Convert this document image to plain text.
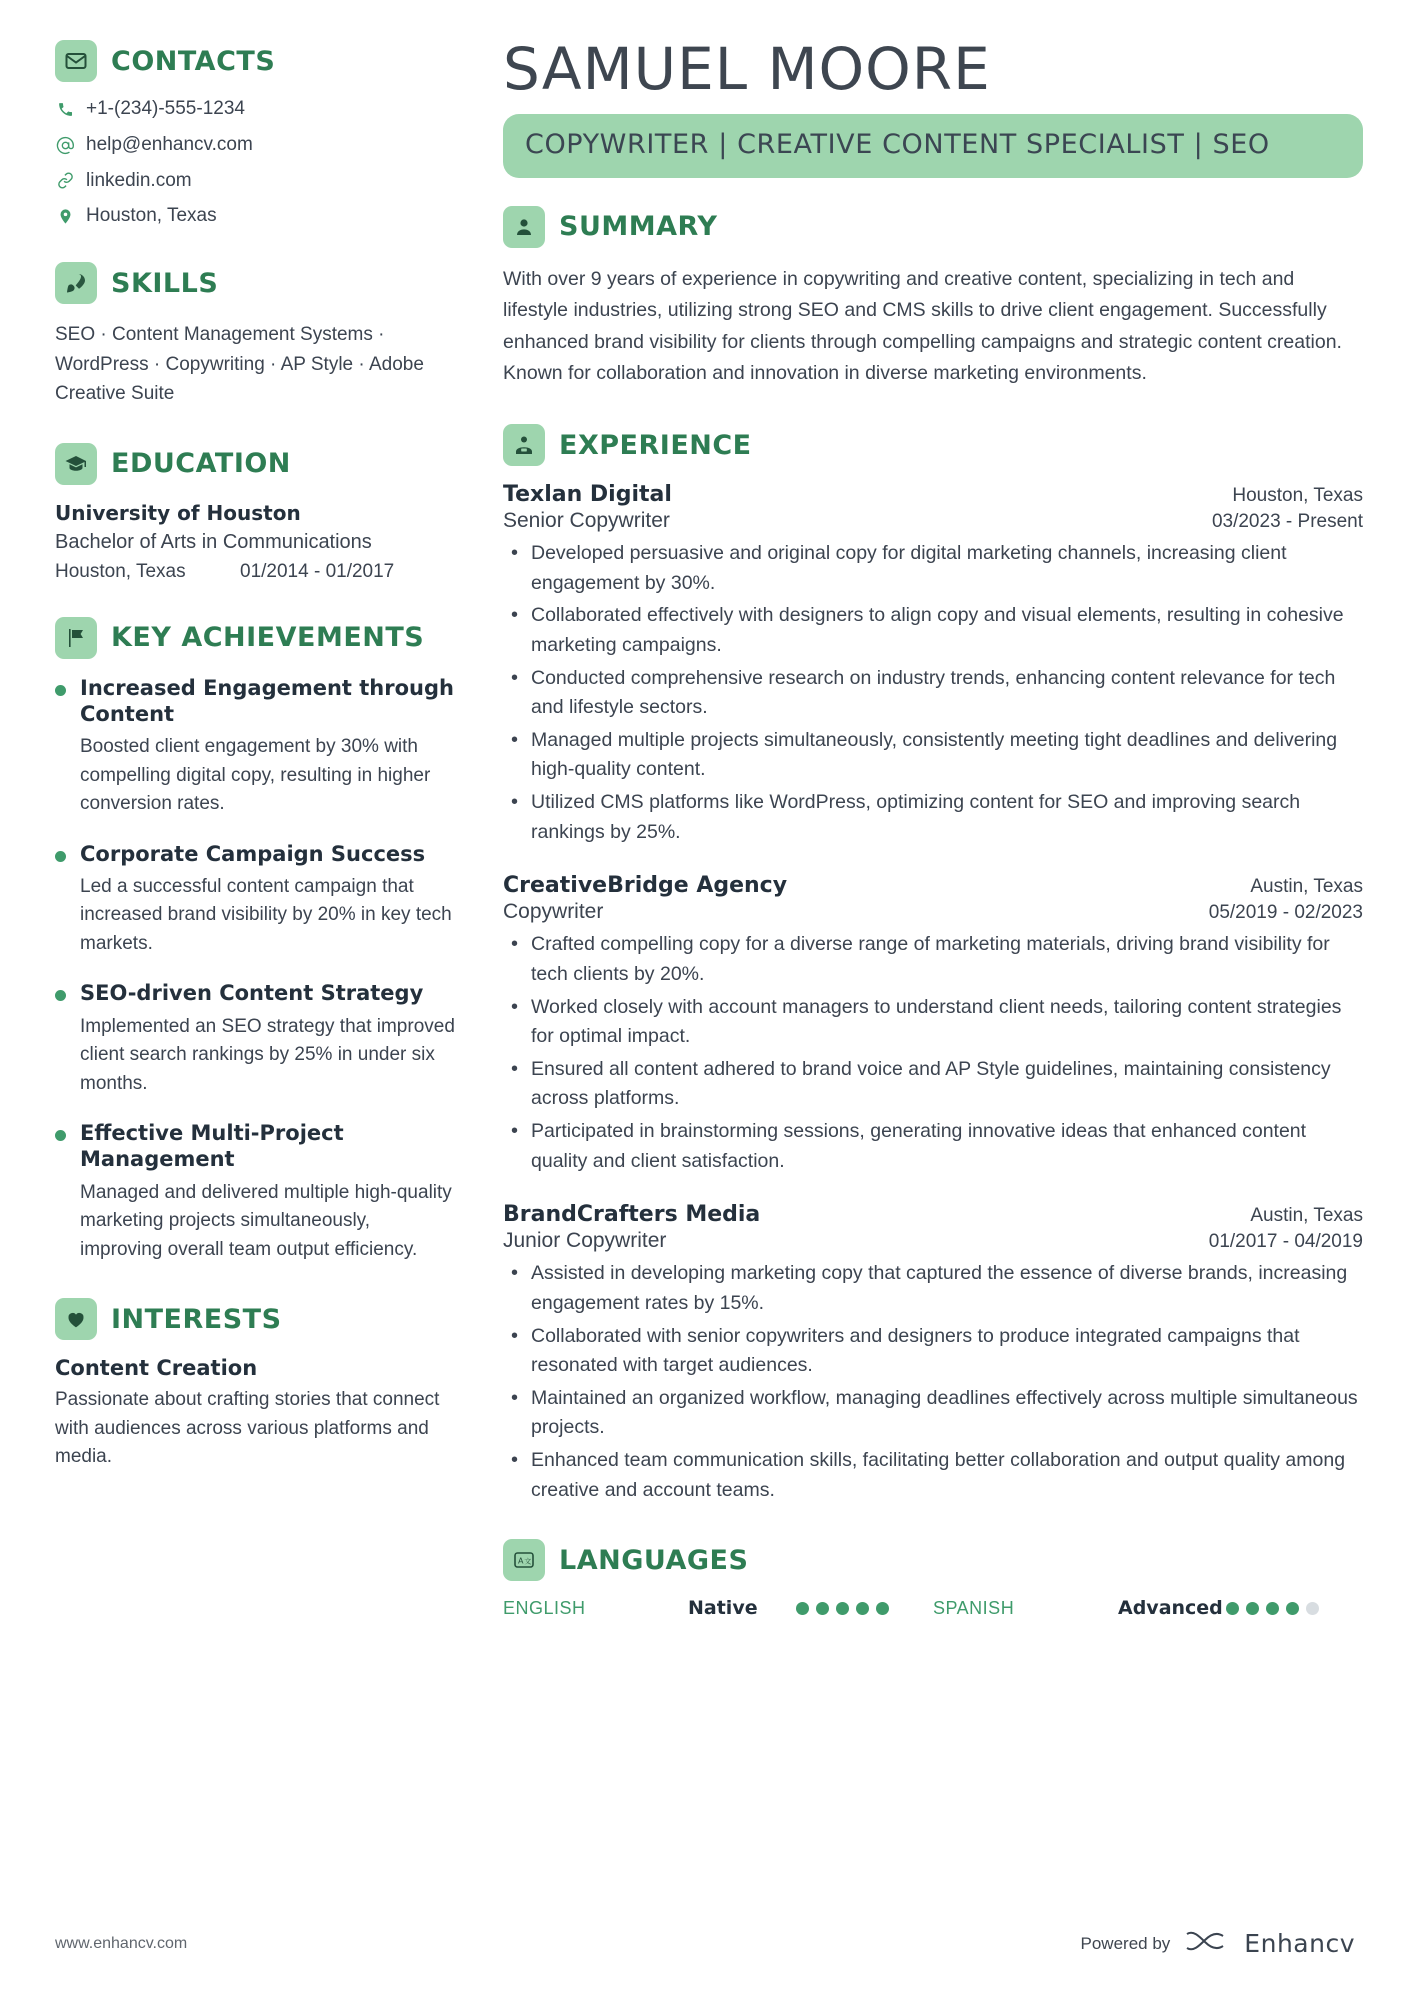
CONTACTS
+1-(234)-555-1234
help@enhancv.com
linkedin.com
Houston, Texas
SKILLS
SEO · Content Management Systems · WordPress · Copywriting · AP Style · Adobe Creative Suite
EDUCATION
University of Houston
Bachelor of Arts in Communications
Houston, Texas	01/2014 - 01/2017
KEY ACHIEVEMENTS
Increased Engagement through Content
Boosted client engagement by 30% with compelling digital copy, resulting in higher conversion rates.
Corporate Campaign Success
Led a successful content campaign that increased brand visibility by 20% in key tech markets.
SEO-driven Content Strategy
Implemented an SEO strategy that improved client search rankings by 25% in under six months.
Effective Multi-Project Management
Managed and delivered multiple high-quality marketing projects simultaneously, improving overall team output efficiency.
INTERESTS
Content Creation
Passionate about crafting stories that connect with audiences across various platforms and media.
SAMUEL MOORE
COPYWRITER | CREATIVE CONTENT SPECIALIST | SEO
SUMMARY
With over 9 years of experience in copywriting and creative content, specializing in tech and lifestyle industries, utilizing strong SEO and CMS skills to drive client engagement. Successfully enhanced brand visibility for clients through compelling campaigns and strategic content creation. Known for collaboration and innovation in diverse marketing environments.
EXPERIENCE
Texlan Digital	Houston, Texas
Senior Copywriter	03/2023 - Present
• Developed persuasive and original copy for digital marketing channels, increasing client engagement by 30%.
• Collaborated effectively with designers to align copy and visual elements, resulting in cohesive marketing campaigns.
• Conducted comprehensive research on industry trends, enhancing content relevance for tech and lifestyle sectors.
• Managed multiple projects simultaneously, consistently meeting tight deadlines and delivering high-quality content.
• Utilized CMS platforms like WordPress, optimizing content for SEO and improving search rankings by 25%.
CreativeBridge Agency	Austin, Texas
Copywriter	05/2019 - 02/2023
• Crafted compelling copy for a diverse range of marketing materials, driving brand visibility for tech clients by 20%.
• Worked closely with account managers to understand client needs, tailoring content strategies for optimal impact.
• Ensured all content adhered to brand voice and AP Style guidelines, maintaining consistency across platforms.
• Participated in brainstorming sessions, generating innovative ideas that enhanced content quality and client satisfaction.
BrandCrafters Media	Austin, Texas
Junior Copywriter	01/2017 - 04/2019
• Assisted in developing marketing copy that captured the essence of diverse brands, increasing engagement rates by 15%.
• Collaborated with senior copywriters and designers to produce integrated campaigns that resonated with target audiences.
• Maintained an organized workflow, managing deadlines effectively across multiple simultaneous projects.
• Enhanced team communication skills, facilitating better collaboration and output quality among creative and account teams.
A 文 LANGUAGES
ENGLISH	Native	SPANISH	Advanced
www.enhancv.com	Powered by	Enhancv
